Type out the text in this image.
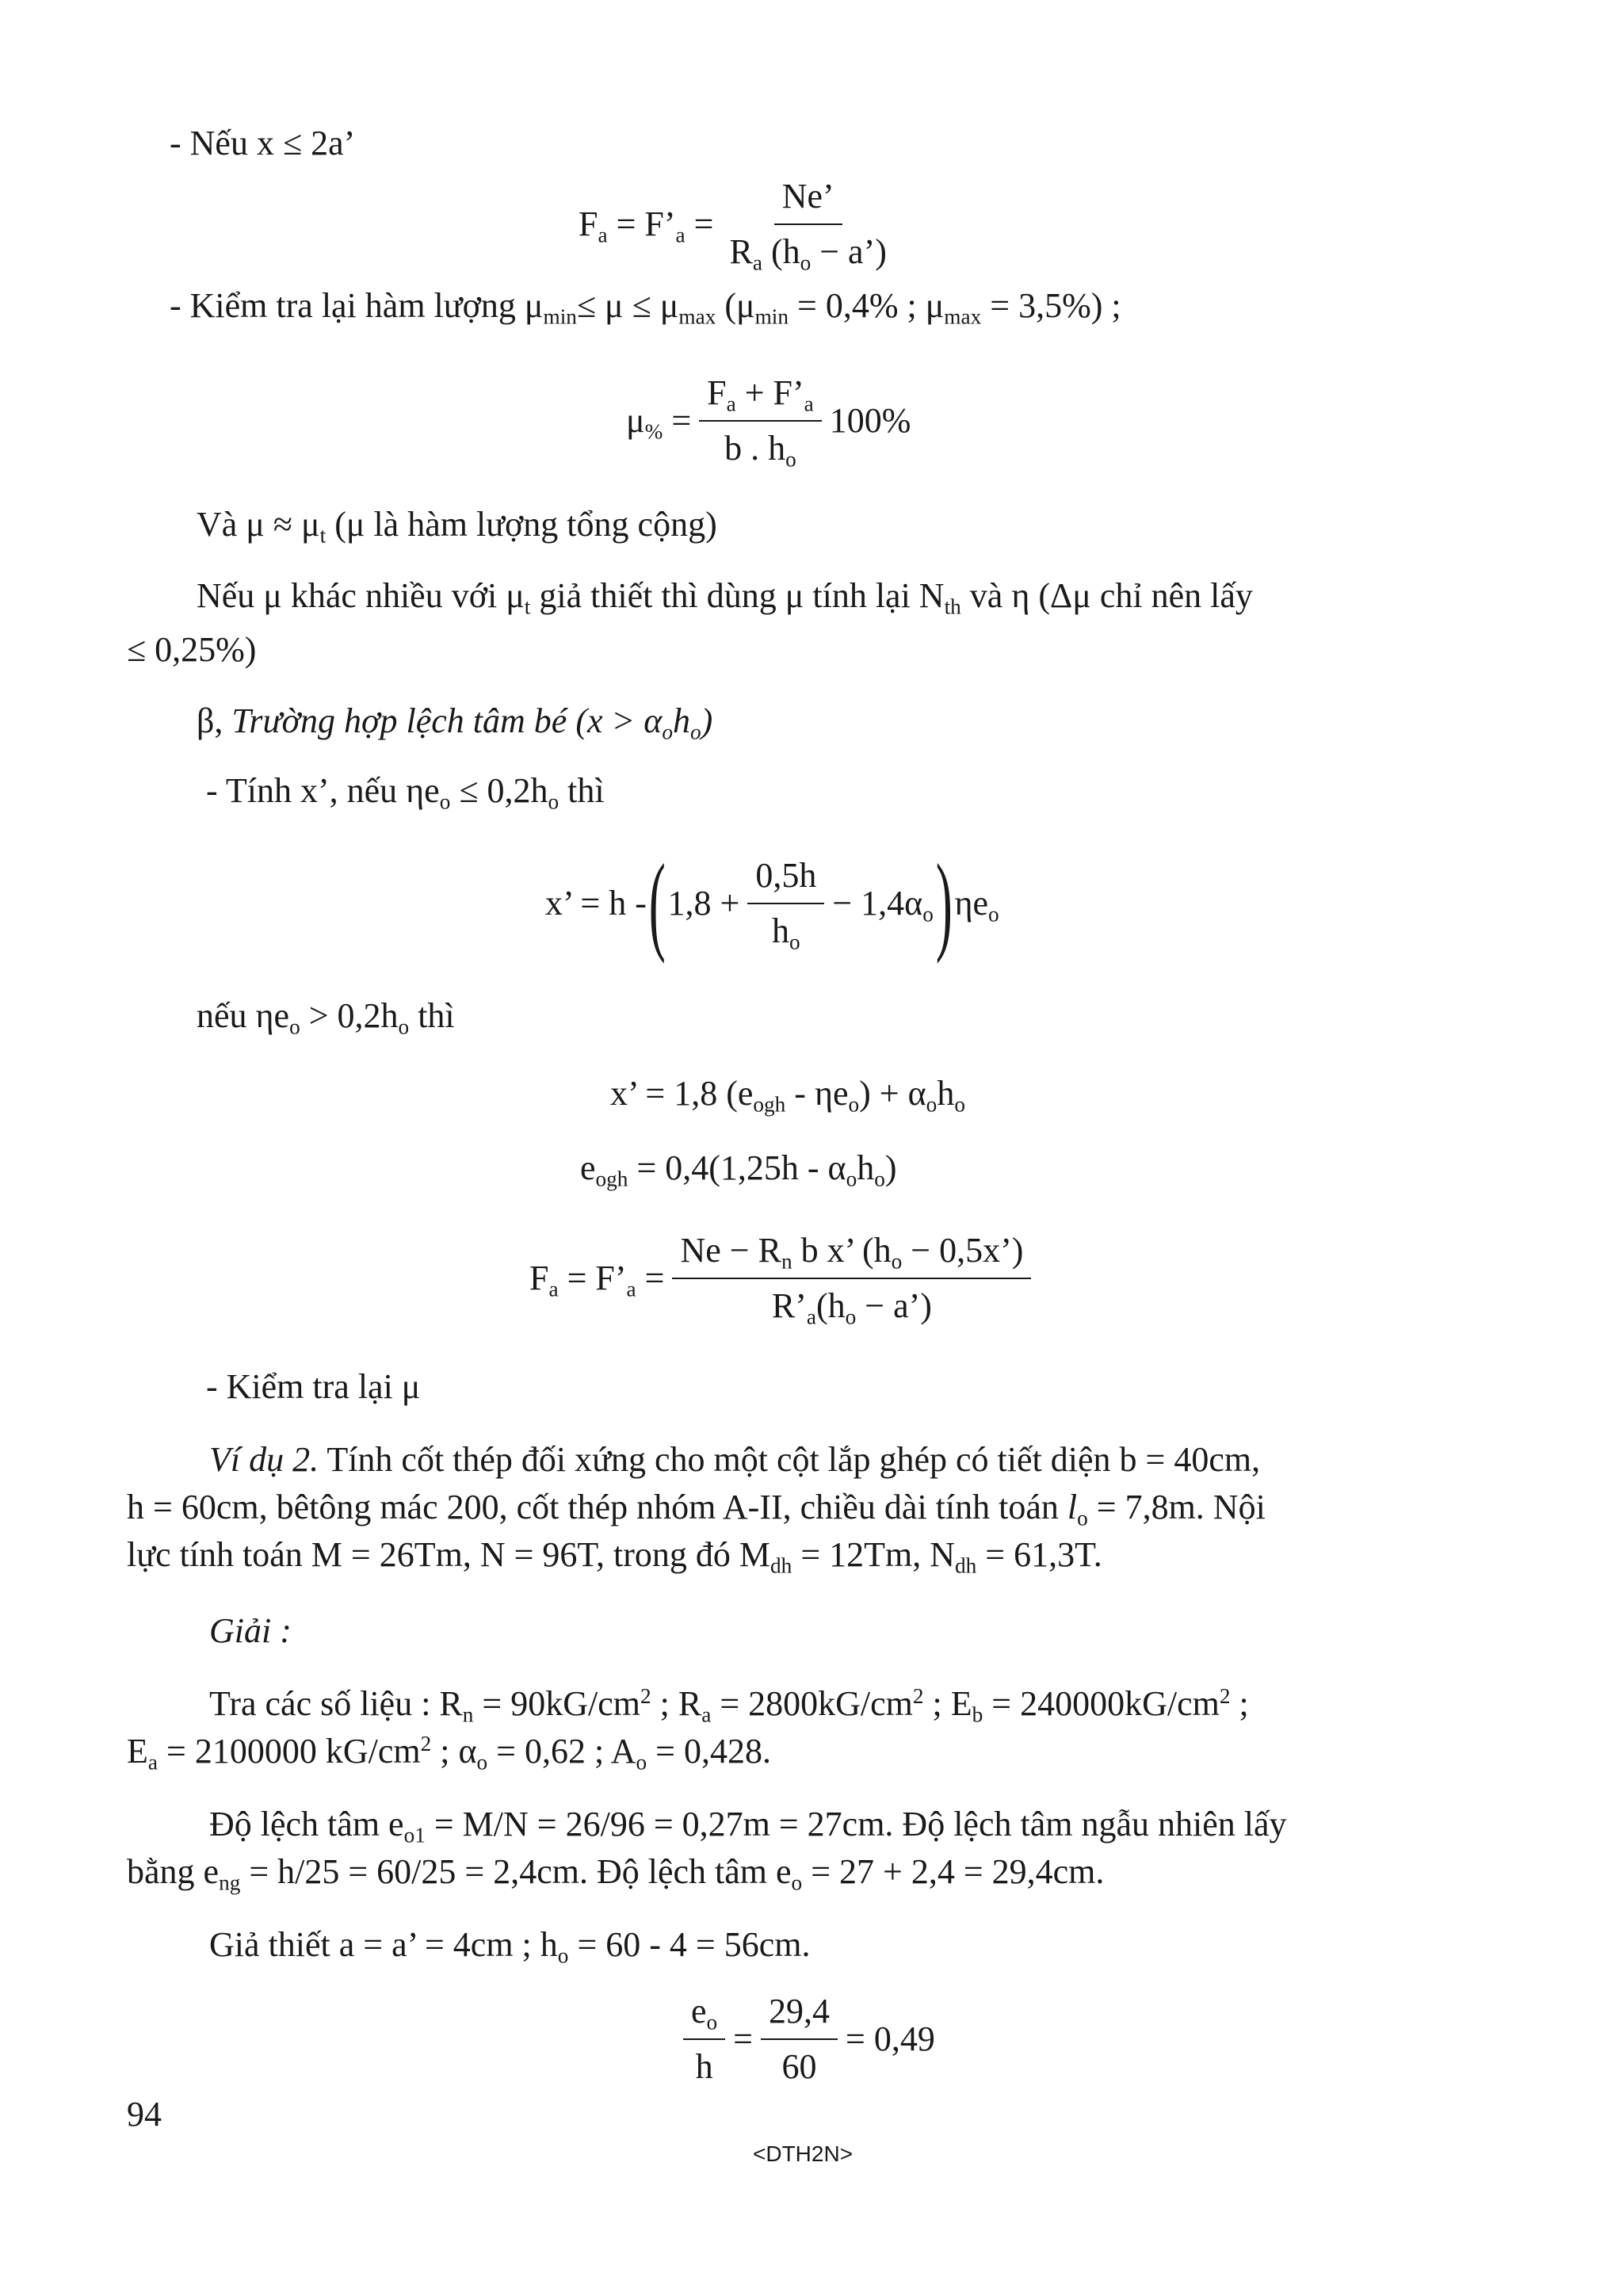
- Nếu x ≤ 2a’
$F_a$ = $F’_a = \frac{Ne’}{R_a (h_o - a’)}$
- Kiểm tra lại hàm lượng $\mu_{min}\le \mu \le \mu_{max}$ ($\mu_{min} = 0,4\%$ ; $\mu_{max} = 3,5\%$) ;
$\mu_{\%} = \frac{F_a + F’_a}{b . h_o} 100\%$
Và $\mu \approx \mu_t$ (μ là hàm lượng tổng cộng)
Nếu μ khác nhiều với $\mu_t$ giả thiết thì dùng μ tính lại $N_{th}$ và η (Δμ chỉ nên lấy
≤ 0,25%)
β, Trường hợp lệch tâm bé $(x > \alpha_oh_o)$
- Tính x’, nếu $\eta e_o \le 0,2h_o$ thì
x’ = h - ( $1,8 + \frac{0,5h}{h_o} - 1,4\alpha_o$ ) $\eta e_o$
nếu $\eta e_o > 0,2h_o$ thì
x’ = 1,8 $(e_{ogh} - \eta e_o) + \alpha_oh_o$
$e_{ogh} = 0,4(1,25h - \alpha_oh_o)$
$F_a$ = $F’_a = \frac{Ne - R_n b x’ (h_o - 0,5x’)}{R’_a(h_o - a’)}$
- Kiểm tra lại μ
Ví dụ 2. Tính cốt thép đối xứng cho một cột lắp ghép có tiết diện b = 40cm,
h = 60cm, bêtông mác 200, cốt thép nhóm A-II, chiều dài tính toán $l_o = 7,8m$. Nội
lực tính toán M = 26Tm, N = 96T, trong đó $M_{dh} = 12Tm$, $N_{dh} = 61,3T$.
Giải :
Tra các số liệu : $R_n = 90kG/cm^2$ ; $R_a = 2800kG/cm^2$ ; $E_b = 240000kG/cm^2$ ;
$E_a = 2100000$ $kG/cm^2$ ; $\alpha_o = 0,62$ ; $A_o = 0,428$.
Độ lệch tâm $e_{o1} = M/N = 26/96 = 0,27m = 27cm$. Độ lệch tâm ngẫu nhiên lấy
bằng $e_{ng} = h/25 = 60/25 = 2,4cm$. Độ lệch tâm $e_o = 27 + 2,4 = 29,4cm$.
Giả thiết a = a’ = 4cm ; $h_o = 60 - 4 = 56cm$.
$\frac{e_o}{h} = \frac{29,4}{60} = 0,49$
94
<DTH2N>
